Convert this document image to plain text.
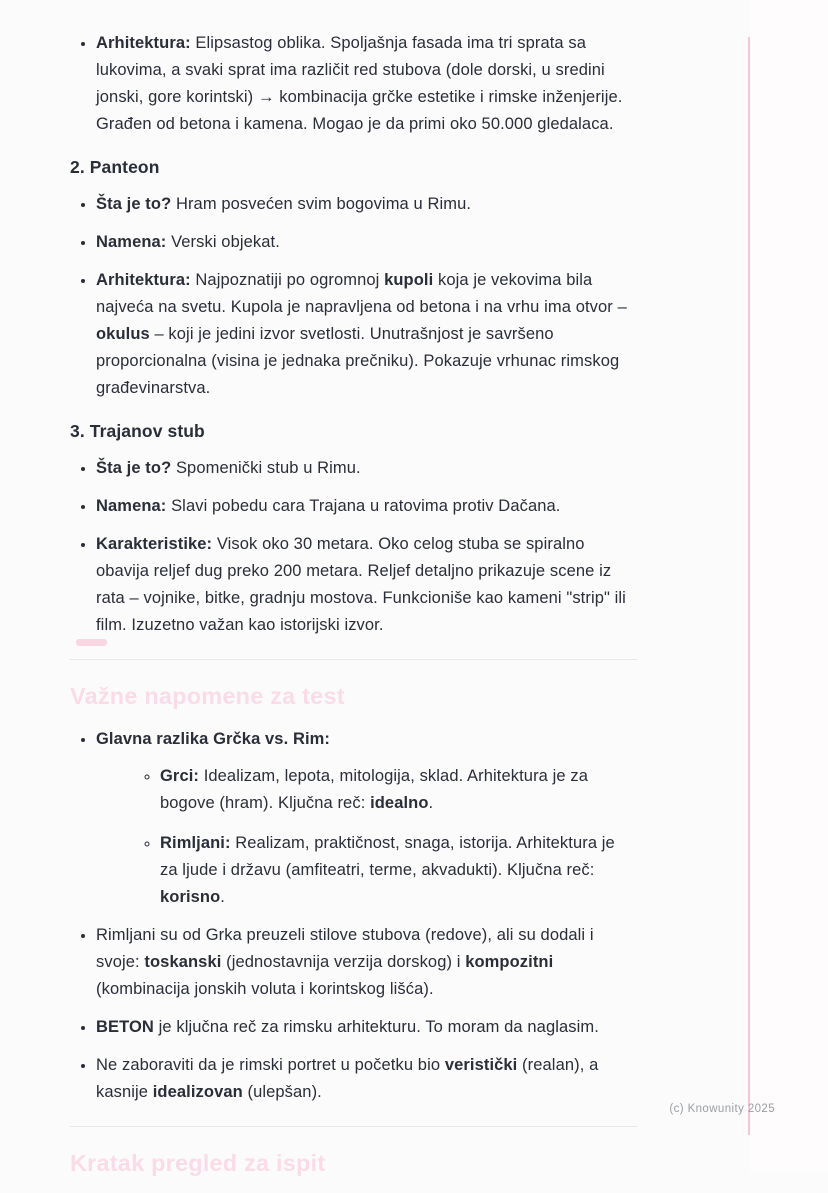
• Arhitektura: Elipsastog oblika. Spoljašnja fasada ima tri sprata sa lukovima, a svaki sprat ima različit red stubova (dole dorski, u sredini jonski, gore korintski) → kombinacija grčke estetike i rimske inženjerije. Građen od betona i kamena. Mogao je da primi oko 50.000 gledalaca.
2. Panteon
• Šta je to? Hram posvećen svim bogovima u Rimu.
• Namena: Verski objekat.
• Arhitektura: Najpoznatiji po ogromnoj kupoli koja je vekovima bila najveća na svetu. Kupola je napravljena od betona i na vrhu ima otvor – okulus – koji je jedini izvor svetlosti. Unutrašnjost je savršeno proporcionalna (visina je jednaka prečniku). Pokazuje vrhunac rimskog građevinarstva.
3. Trajanov stub
• Šta je to? Spomenički stub u Rimu.
• Namena: Slavi pobedu cara Trajana u ratovima protiv Dačana.
• Karakteristike: Visok oko 30 metara. Oko celog stuba se spiralno obavija reljef dug preko 200 metara. Reljef detaljno prikazuje scene iz rata – vojnike, bitke, gradnju mostova. Funkcioniše kao kameni "strip" ili film. Izuzetno važan kao istorijski izvor.
Važne napomene za test
• Glavna razlika Grčka vs. Rim:
◦ Grci: Idealizam, lepota, mitologija, sklad. Arhitektura je za bogove (hram). Ključna reč: idealno.
◦ Rimljani: Realizam, praktičnost, snaga, istorija. Arhitektura je za ljude i državu (amfiteatri, terme, akvadukti). Ključna reč: korisno.
• Rimljani su od Grka preuzeli stilove stubova (redove), ali su dodali i svoje: toskanski (jednostavnija verzija dorskog) i kompozitni (kombinacija jonskih voluta i korintskog lišća).
• BETON je ključna reč za rimsku arhitekturu. To moram da naglasim.
• Ne zaboraviti da je rimski portret u početku bio veristički (realan), a kasnije idealizovan (ulepšan).
Kratak pregled za ispit
(c) Knowunity 2025
